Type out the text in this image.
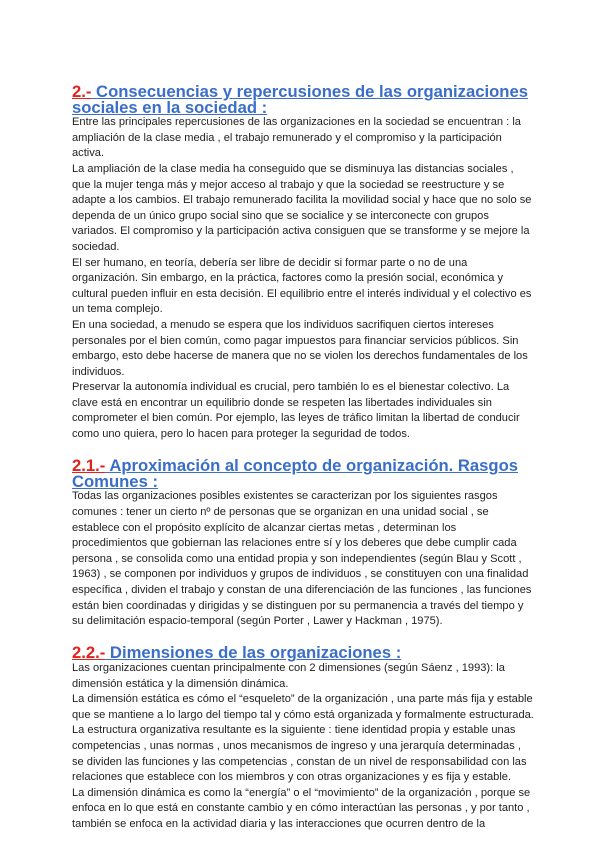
2.- Consecuencias y repercusiones de las organizaciones sociales en la sociedad :

Entre las principales repercusiones de las organizaciones en la sociedad se encuentran : la ampliación de la clase media , el trabajo remunerado y el compromiso y la participación activa.

La ampliación de la clase media ha conseguido que se disminuya las distancias sociales , que la mujer tenga más y mejor acceso al trabajo y que la sociedad se reestructure y se adapte a los cambios. El trabajo remunerado facilita la movilidad social y hace que no solo se dependa de un único grupo social sino que se socialice y se interconecte con grupos variados. El compromiso y la participación activa consiguen que se transforme y se mejore la sociedad.

El ser humano, en teoría, debería ser libre de decidir si formar parte o no de una organización. Sin embargo, en la práctica, factores como la presión social, económica y cultural pueden influir en esta decisión. El equilibrio entre el interés individual y el colectivo es un tema complejo.

En una sociedad, a menudo se espera que los individuos sacrifiquen ciertos intereses personales por el bien común, como pagar impuestos para financiar servicios públicos. Sin embargo, esto debe hacerse de manera que no se violen los derechos fundamentales de los individuos.

Preservar la autonomía individual es crucial, pero también lo es el bienestar colectivo. La clave está en encontrar un equilibrio donde se respeten las libertades individuales sin comprometer el bien común. Por ejemplo, las leyes de tráfico limitan la libertad de conducir como uno quiera, pero lo hacen para proteger la seguridad de todos.

2.1.- Aproximación al concepto de organización. Rasgos Comunes :

Todas las organizaciones posibles existentes se caracterizan por los siguientes rasgos comunes : tener un cierto nº de personas que se organizan en una unidad social , se establece con el propósito explícito de alcanzar ciertas metas , determinan los procedimientos que gobiernan las relaciones entre sí y los deberes que debe cumplir cada persona , se consolida como una entidad propia y son independientes (según Blau y Scott , 1963) , se componen por individuos y grupos de individuos , se constituyen con una finalidad específica , dividen el trabajo y constan de una diferenciación de las funciones , las funciones están bien coordinadas y dirigidas y se distinguen por su permanencia a través del tiempo y su delimitación espacio-temporal (según Porter , Lawer y Hackman , 1975).

2.2.- Dimensiones de las organizaciones :

Las organizaciones cuentan principalmente con 2 dimensiones (según Sáenz , 1993): la dimensión estática y la dimensión dinámica.

La dimensión estática es cómo el “esqueleto” de la organización , una parte más fija y estable que se mantiene a lo largo del tiempo tal y cómo está organizada y formalmente estructurada. La estructura organizativa resultante es la siguiente : tiene identidad propia y estable unas competencias , unas normas , unos mecanismos de ingreso y una jerarquía determinadas , se dividen las funciones y las competencias , constan de un nivel de responsabilidad con las relaciones que establece con los miembros y con otras organizaciones y es fija y estable.

La dimensión dinámica es como la “energía” o el “movimiento” de la organización , porque se enfoca en lo que está en constante cambio y en cómo interactúan las personas , y por tanto , también se enfoca en la actividad diaria y las interacciones que ocurren dentro de la
